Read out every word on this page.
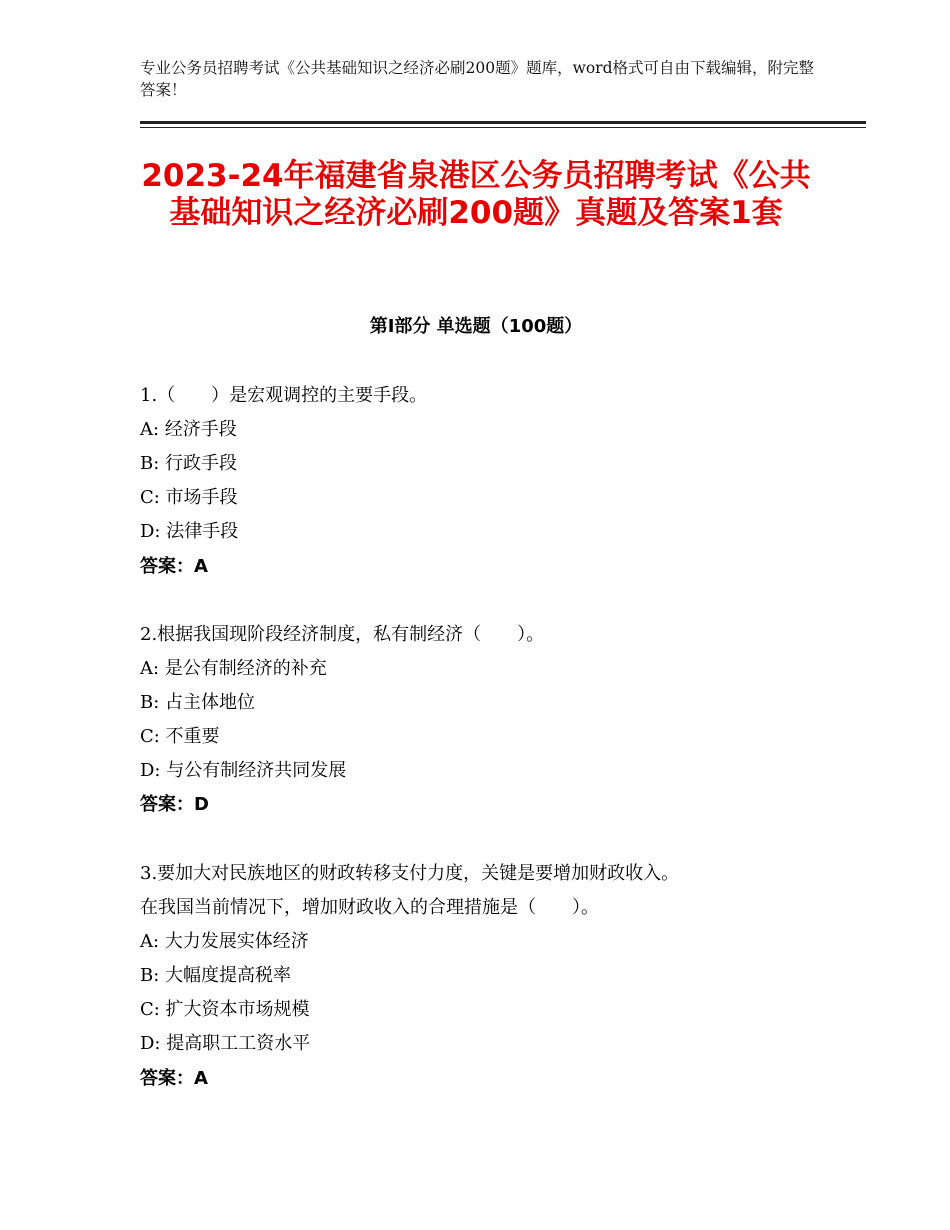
专业公务员招聘考试《公共基础知识之经济必刷200题》题库，word格式可自由下载编辑，附完整答案！
2023-24年福建省泉港区公务员招聘考试《公共基础知识之经济必刷200题》真题及答案1套
第Ⅰ部分 单选题（100题）
1.（　　）是宏观调控的主要手段。
A: 经济手段
B: 行政手段
C: 市场手段
D: 法律手段
答案：A
2.根据我国现阶段经济制度，私有制经济（　　）。
A: 是公有制经济的补充
B: 占主体地位
C: 不重要
D: 与公有制经济共同发展
答案：D
3.要加大对民族地区的财政转移支付力度，关键是要增加财政收入。
在我国当前情况下，增加财政收入的合理措施是（　　）。
A: 大力发展实体经济
B: 大幅度提高税率
C: 扩大资本市场规模
D: 提高职工工资水平
答案：A
